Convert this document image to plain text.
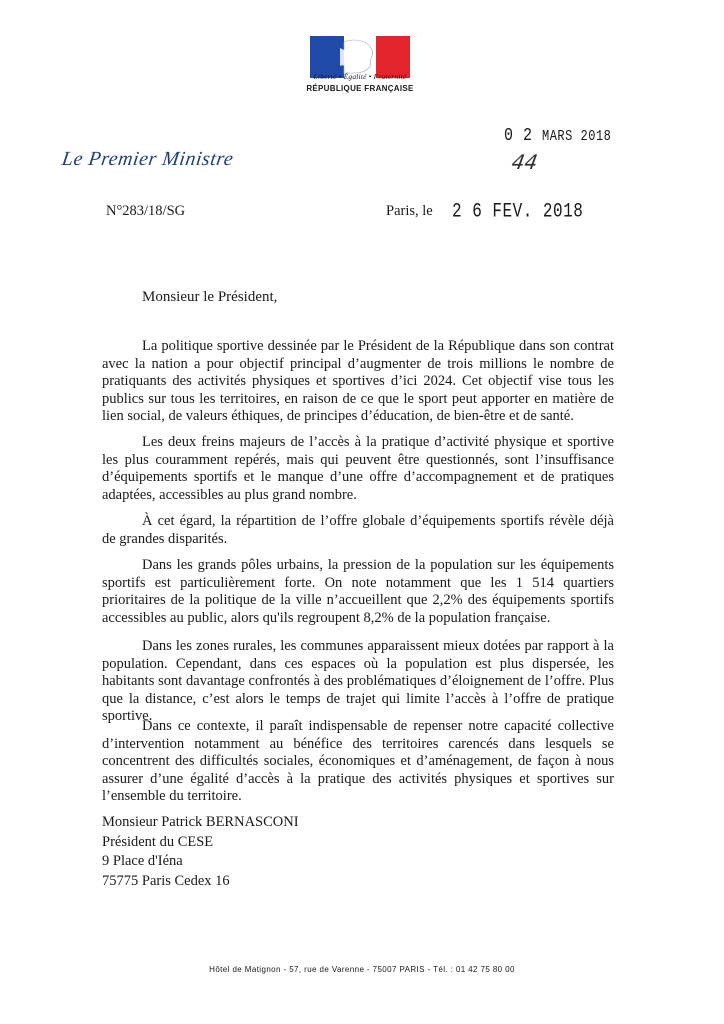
Liberté • Égalité • Fraternité
RÉPUBLIQUE FRANÇAISE
0 2 MARS 2018
44
Le Premier Ministre
N°283/18/SG	Paris, le 2 6 FEV. 2018
Monsieur le Président,

La politique sportive dessinée par le Président de la République dans son contrat avec la nation a pour objectif principal d’augmenter de trois millions le nombre de pratiquants des activités physiques et sportives d’ici 2024. Cet objectif vise tous les publics sur tous les territoires, en raison de ce que le sport peut apporter en matière de lien social, de valeurs éthiques, de principes d’éducation, de bien-être et de santé.

Les deux freins majeurs de l’accès à la pratique d’activité physique et sportive les plus couramment repérés, mais qui peuvent être questionnés, sont l’insuffisance d’équipements sportifs et le manque d’une offre d’accompagnement et de pratiques adaptées, accessibles au plus grand nombre.

À cet égard, la répartition de l’offre globale d’équipements sportifs révèle déjà de grandes disparités.

Dans les grands pôles urbains, la pression de la population sur les équipements sportifs est particulièrement forte. On note notamment que les 1 514 quartiers prioritaires de la politique de la ville n’accueillent que 2,2% des équipements sportifs accessibles au public, alors qu'ils regroupent 8,2% de la population française.

Dans les zones rurales, les communes apparaissent mieux dotées par rapport à la population. Cependant, dans ces espaces où la population est plus dispersée, les habitants sont davantage confrontés à des problématiques d’éloignement de l’offre. Plus que la distance, c’est alors le temps de trajet qui limite l’accès à l’offre de pratique sportive.

Dans ce contexte, il paraît indispensable de repenser notre capacité collective d’intervention notamment au bénéfice des territoires carencés dans lesquels se concentrent des difficultés sociales, économiques et d’aménagement, de façon à nous assurer d’une égalité d’accès à la pratique des activités physiques et sportives sur l’ensemble du territoire.

Monsieur Patrick BERNASCONI
Président du CESE
9 Place d'Iéna
75775 Paris Cedex 16
Hôtel de Matignon - 57, rue de Varenne - 75007 PARIS - Tél. : 01 42 75 80 00
